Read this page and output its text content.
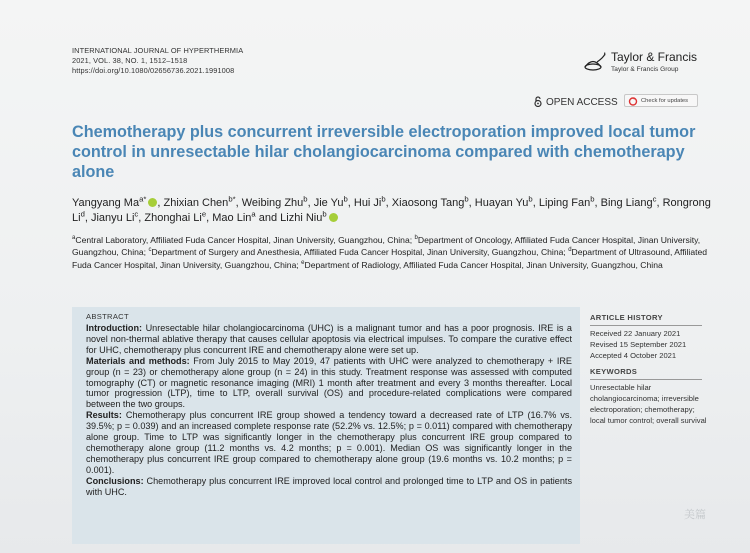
INTERNATIONAL JOURNAL OF HYPERTHERMIA
2021, VOL. 38, NO. 1, 1512–1518
https://doi.org/10.1080/02656736.2021.1991008
Taylor & Francis
Taylor & Francis Group
OPEN ACCESS	Check for updates
Chemotherapy plus concurrent irreversible electroporation improved local tumor control in unresectable hilar cholangiocarcinoma compared with chemotherapy alone
Yangyang $Ma^{a*}$ , Zhixian Chen$^{b*}$, Weibing Zhu$^b$, Jie Yu$^b$, Hui Ji$^b$, Xiaosong Tang$^b$, Huayan Yu$^b$, Liping Fan$^b$, Bing Liang$^c$, Rongrong Li$^d$, Jianyu Li$^c$, Zhonghai Li$^e$, Mao Lin$^a$ and Lizhi Niu$^b$
$^a$Central Laboratory, Affiliated Fuda Cancer Hospital, Jinan University, Guangzhou, China; $^b$Department of Oncology, Affiliated Fuda Cancer Hospital, Jinan University, Guangzhou, China; $^c$Department of Surgery and Anesthesia, Affiliated Fuda Cancer Hospital, Jinan University, Guangzhou, China; $^d$Department of Ultrasound, Affiliated Fuda Cancer Hospital, Jinan University, Guangzhou, China; $^e$Department of Radiology, Affiliated Fuda Cancer Hospital, Jinan University, Guangzhou, China
ABSTRACT

Introduction: Unresectable hilar cholangiocarcinoma (UHC) is a malignant tumor and has a poor prognosis. IRE is a novel non-thermal ablative therapy that causes cellular apoptosis via electrical impulses. To compare the curative effect for UHC, chemotherapy plus concurrent IRE and chemotherapy alone were set up.

Materials and methods: From July 2015 to May 2019, 47 patients with UHC were analyzed to chemotherapy + IRE group (n = 23) or chemotherapy alone group (n = 24) in this study. Treatment response was assessed with computed tomography (CT) or magnetic resonance imaging (MRI) 1 month after treatment and every 3 months thereafter. Local tumor progression (LTP), time to LTP, overall survival (OS) and procedure-related complications were compared between the two groups.

Results: Chemotherapy plus concurrent IRE group showed a tendency toward a decreased rate of LTP (16.7% vs. 39.5%; p = 0.039) and an increased complete response rate (52.2% vs. 12.5%; p = 0.011) compared with chemotherapy alone group. Time to LTP was significantly longer in the chemotherapy plus concurrent IRE group compared to chemotherapy alone group (11.2 months vs. 4.2 months; p = 0.001). Median OS was significantly longer in the chemotherapy plus concurrent IRE group compared to chemotherapy alone group (19.6 months vs. 10.2 months; p = 0.001).

Conclusions: Chemotherapy plus concurrent IRE improved local control and prolonged time to LTP and OS in patients with UHC.

ARTICLE HISTORY
Received 22 January 2021
Revised 15 September 2021
Accepted 4 October 2021
KEYWORDS
Unresectable hilar cholangiocarcinoma; irreversible electroporation; chemotherapy; local tumor control; overall survival
美篇
